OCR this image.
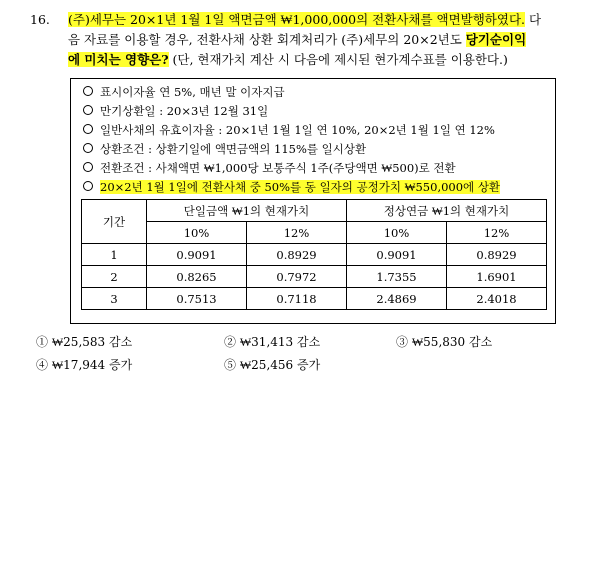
16. (주)세무는 20×1년 1월 1일 액면금액 ₩1,000,000의 전환사채를 액면발행하였다. 다
음 자료를 이용할 경우, 전환사채 상환 회계처리가 (주)세무의 20×2년도 당기순이익
에 미치는 영향은? (단, 현재가치 계산 시 다음에 제시된 현가계수표를 이용한다.)
표시이자율 연 5%, 매년 말 이자지급
만기상환일 : 20×3년 12월 31일
일반사채의 유효이자율 : 20×1년 1월 1일 연 10%, 20×2년 1월 1일 연 12%
상환조건 : 상환기일에 액면금액의 115%를 일시상환
전환조건 : 사채액면 ₩1,000당 보통주식 1주(주당액면 ₩500)로 전환
20×2년 1월 1일에 전환사채 중 50%를 동 일자의 공정가치 ₩550,000에 상환
기간	단일금액 ₩1의 현재가치		정상연금 ₩1의 현재가치	
	10%	12%	10%	12%
1	0.9091	0.8929	0.9091	0.8929
2	0.8265	0.7972	1.7355	1.6901
3	0.7513	0.7118	2.4869	2.4018
① ₩25,583 감소	② ₩31,413 감소	③ ₩55,830 감소
④ ₩17,944 증가	⑤ ₩25,456 증가
